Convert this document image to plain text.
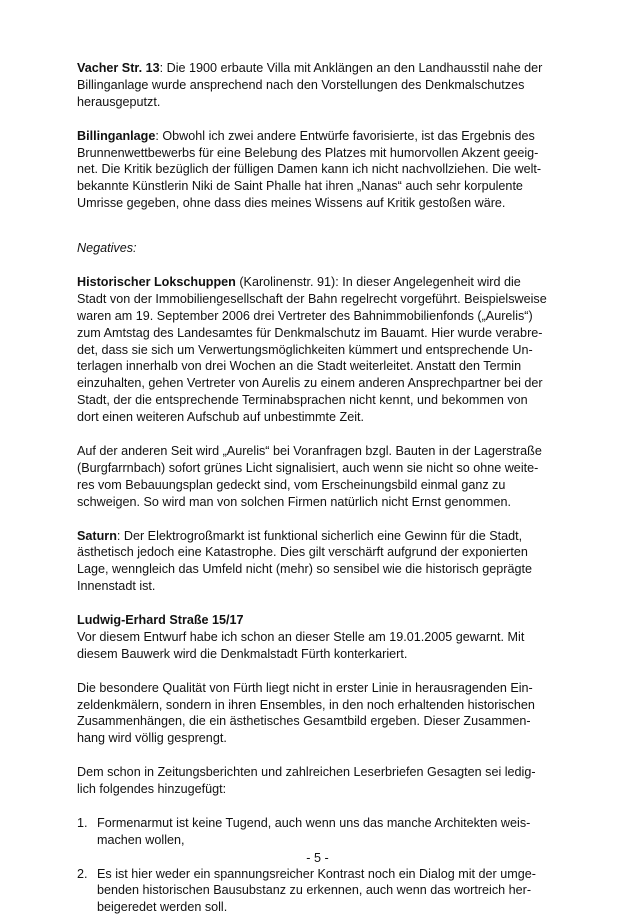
Vacher Str. 13: Die 1900 erbaute Villa mit Anklängen an den Landhausstil nahe der
Billinganlage wurde ansprechend nach den Vorstellungen des Denkmalschutzes
herausgeputzt.

Billinganlage: Obwohl ich zwei andere Entwürfe favorisierte, ist das Ergebnis des
Brunnenwettbewerbs für eine Belebung des Platzes mit humorvollen Akzent geeig-
net. Die Kritik bezüglich der fülligen Damen kann ich nicht nachvollziehen. Die welt-
bekannte Künstlerin Niki de Saint Phalle hat ihren „Nanas“ auch sehr korpulente
Umrisse gegeben, ohne dass dies meines Wissens auf Kritik gestoßen wäre.

Negatives:

Historischer Lokschuppen (Karolinenstr. 91): In dieser Angelegenheit wird die
Stadt von der Immobiliengesellschaft der Bahn regelrecht vorgeführt. Beispielsweise
waren am 19. September 2006 drei Vertreter des Bahnimmobilienfonds („Aurelis“)
zum Amtstag des Landesamtes für Denkmalschutz im Bauamt. Hier wurde verabre-
det, dass sie sich um Verwertungsmöglichkeiten kümmert und entsprechende Un-
terlagen innerhalb von drei Wochen an die Stadt weiterleitet. Anstatt den Termin
einzuhalten, gehen Vertreter von Aurelis zu einem anderen Ansprechpartner bei der
Stadt, der die entsprechende Terminabsprachen nicht kennt, und bekommen von
dort einen weiteren Aufschub auf unbestimmte Zeit.

Auf der anderen Seit wird „Aurelis“ bei Voranfragen bzgl. Bauten in der Lagerstraße
(Burgfarrnbach) sofort grünes Licht signalisiert, auch wenn sie nicht so ohne weite-
res vom Bebauungsplan gedeckt sind, vom Erscheinungsbild einmal ganz zu
schweigen. So wird man von solchen Firmen natürlich nicht Ernst genommen.

Saturn: Der Elektrogroßmarkt ist funktional sicherlich eine Gewinn für die Stadt,
ästhetisch jedoch eine Katastrophe. Dies gilt verschärft aufgrund der exponierten
Lage, wenngleich das Umfeld nicht (mehr) so sensibel wie die historisch geprägte
Innenstadt ist.

Ludwig-Erhard Straße 15/17
Vor diesem Entwurf habe ich schon an dieser Stelle am 19.01.2005 gewarnt. Mit
diesem Bauwerk wird die Denkmalstadt Fürth konterkariert.

Die besondere Qualität von Fürth liegt nicht in erster Linie in herausragenden Ein-
zeldenkmälern, sondern in ihren Ensembles, in den noch erhaltenden historischen
Zusammenhängen, die ein ästhetisches Gesamtbild ergeben. Dieser Zusammen-
hang wird völlig gesprengt.

Dem schon in Zeitungsberichten und zahlreichen Leserbriefen Gesagten sei ledig-
lich folgendes hinzugefügt:

1. Formenarmut ist keine Tugend, auch wenn uns das manche Architekten weis-
machen wollen,
2. Es ist hier weder ein spannungsreicher Kontrast noch ein Dialog mit der umge-
benden historischen Bausubstanz zu erkennen, auch wenn das wortreich her-
beigeredet werden soll.
- 5 -
